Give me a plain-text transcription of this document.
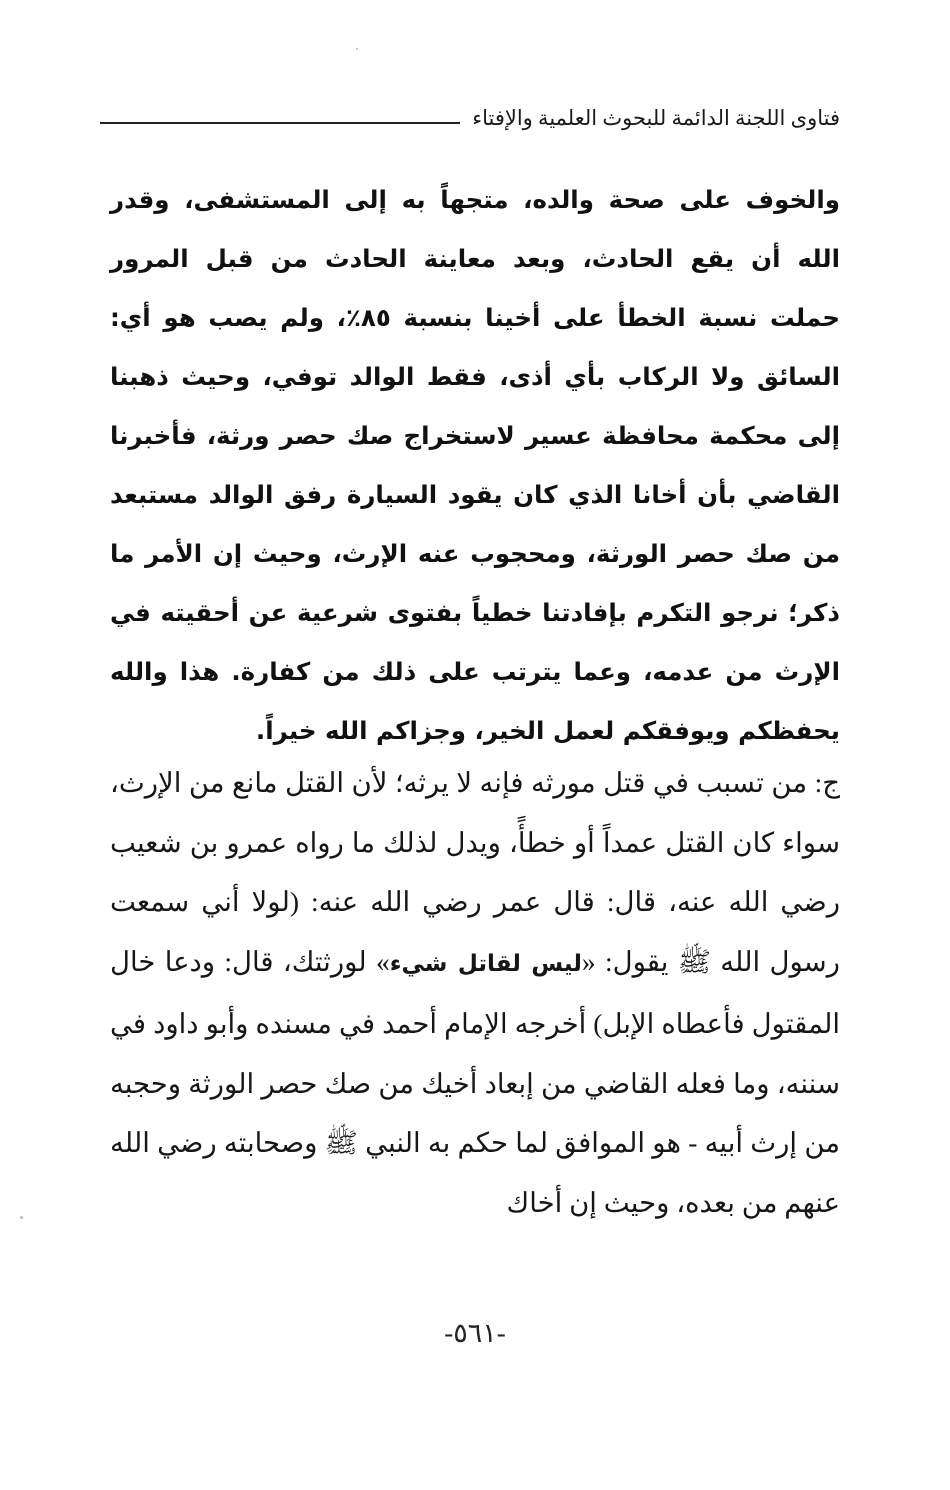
فتاوى اللجنة الدائمة للبحوث العلمية والإفتاء
والخوف على صحة والده، متجهاً به إلى المستشفى، وقدر الله أن يقع الحادث، وبعد معاينة الحادث من قبل المرور حملت نسبة الخطأ على أخينا بنسبة ٨٥٪، ولم يصب هو أي: السائق ولا الركاب بأي أذى، فقط الوالد توفي، وحيث ذهبنا إلى محكمة محافظة عسير لاستخراج صك حصر ورثة، فأخبرنا القاضي بأن أخانا الذي كان يقود السيارة رفق الوالد مستبعد من صك حصر الورثة، ومحجوب عنه الإرث، وحيث إن الأمر ما ذكر؛ نرجو التكرم بإفادتنا خطياً بفتوى شرعية عن أحقيته في الإرث من عدمه، وعما يترتب على ذلك من كفارة. هذا والله يحفظكم ويوفقكم لعمل الخير، وجزاكم الله خيراً.

ج: من تسبب في قتل مورثه فإنه لا يرثه؛ لأن القتل مانع من الإرث، سواء كان القتل عمداً أو خطأً، ويدل لذلك ما رواه عمرو بن شعيب رضي الله عنه، قال: قال عمر رضي الله عنه: (لولا أني سمعت رسول الله ﷺ يقول: «ليس لقاتل شيء» لورثتك، قال: ودعا خال المقتول فأعطاه الإبل) أخرجه الإمام أحمد في مسنده وأبو داود في سننه، وما فعله القاضي من إبعاد أخيك من صك حصر الورثة وحجبه من إرث أبيه - هو الموافق لما حكم به النبي ﷺ وصحابته رضي الله عنهم من بعده، وحيث إن أخاك

-٥٦١-
